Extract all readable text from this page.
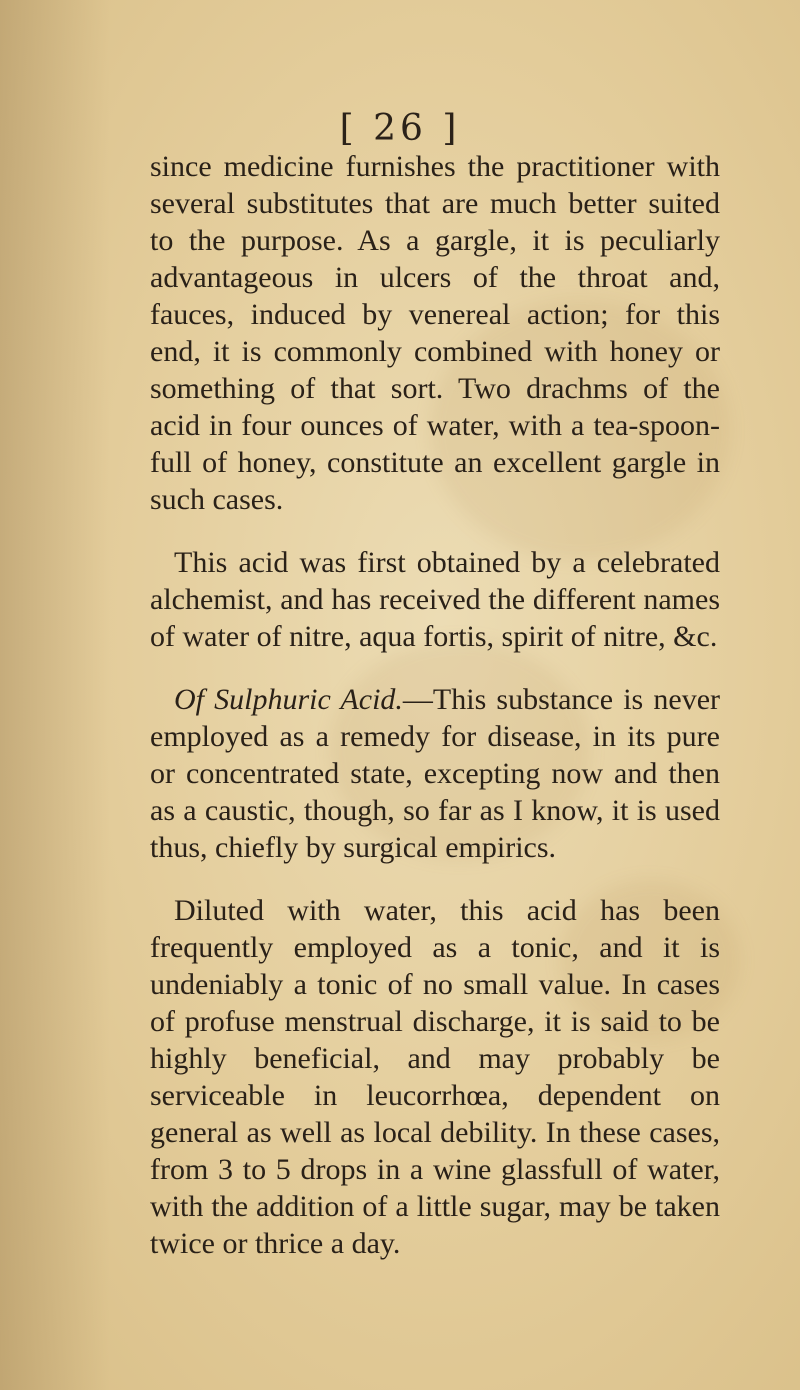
[ 26 ]

since medicine furnishes the practitioner with several substitutes that are much better suited to the purpose. As a gargle, it is peculiarly advantageous in ulcers of the throat and, fauces, induced by venereal action; for this end, it is commonly combined with honey or something of that sort. Two drachms of the acid in four ounces of water, with a tea-spoon-full of honey, constitute an excellent gargle in such cases.

This acid was first obtained by a celebrated alchemist, and has received the different names of water of nitre, aqua fortis, spirit of nitre, &c.

Of Sulphuric Acid.—This substance is never employed as a remedy for disease, in its pure or concentrated state, excepting now and then as a caustic, though, so far as I know, it is used thus, chiefly by surgical empirics.

Diluted with water, this acid has been frequently employed as a tonic, and it is undeniably a tonic of no small value. In cases of profuse menstrual discharge, it is said to be highly beneficial, and may probably be serviceable in leucorrhœa, dependent on general as well as local debility. In these cases, from 3 to 5 drops in a wine glassfull of water, with the addition of a little sugar, may be taken twice or thrice a day.
